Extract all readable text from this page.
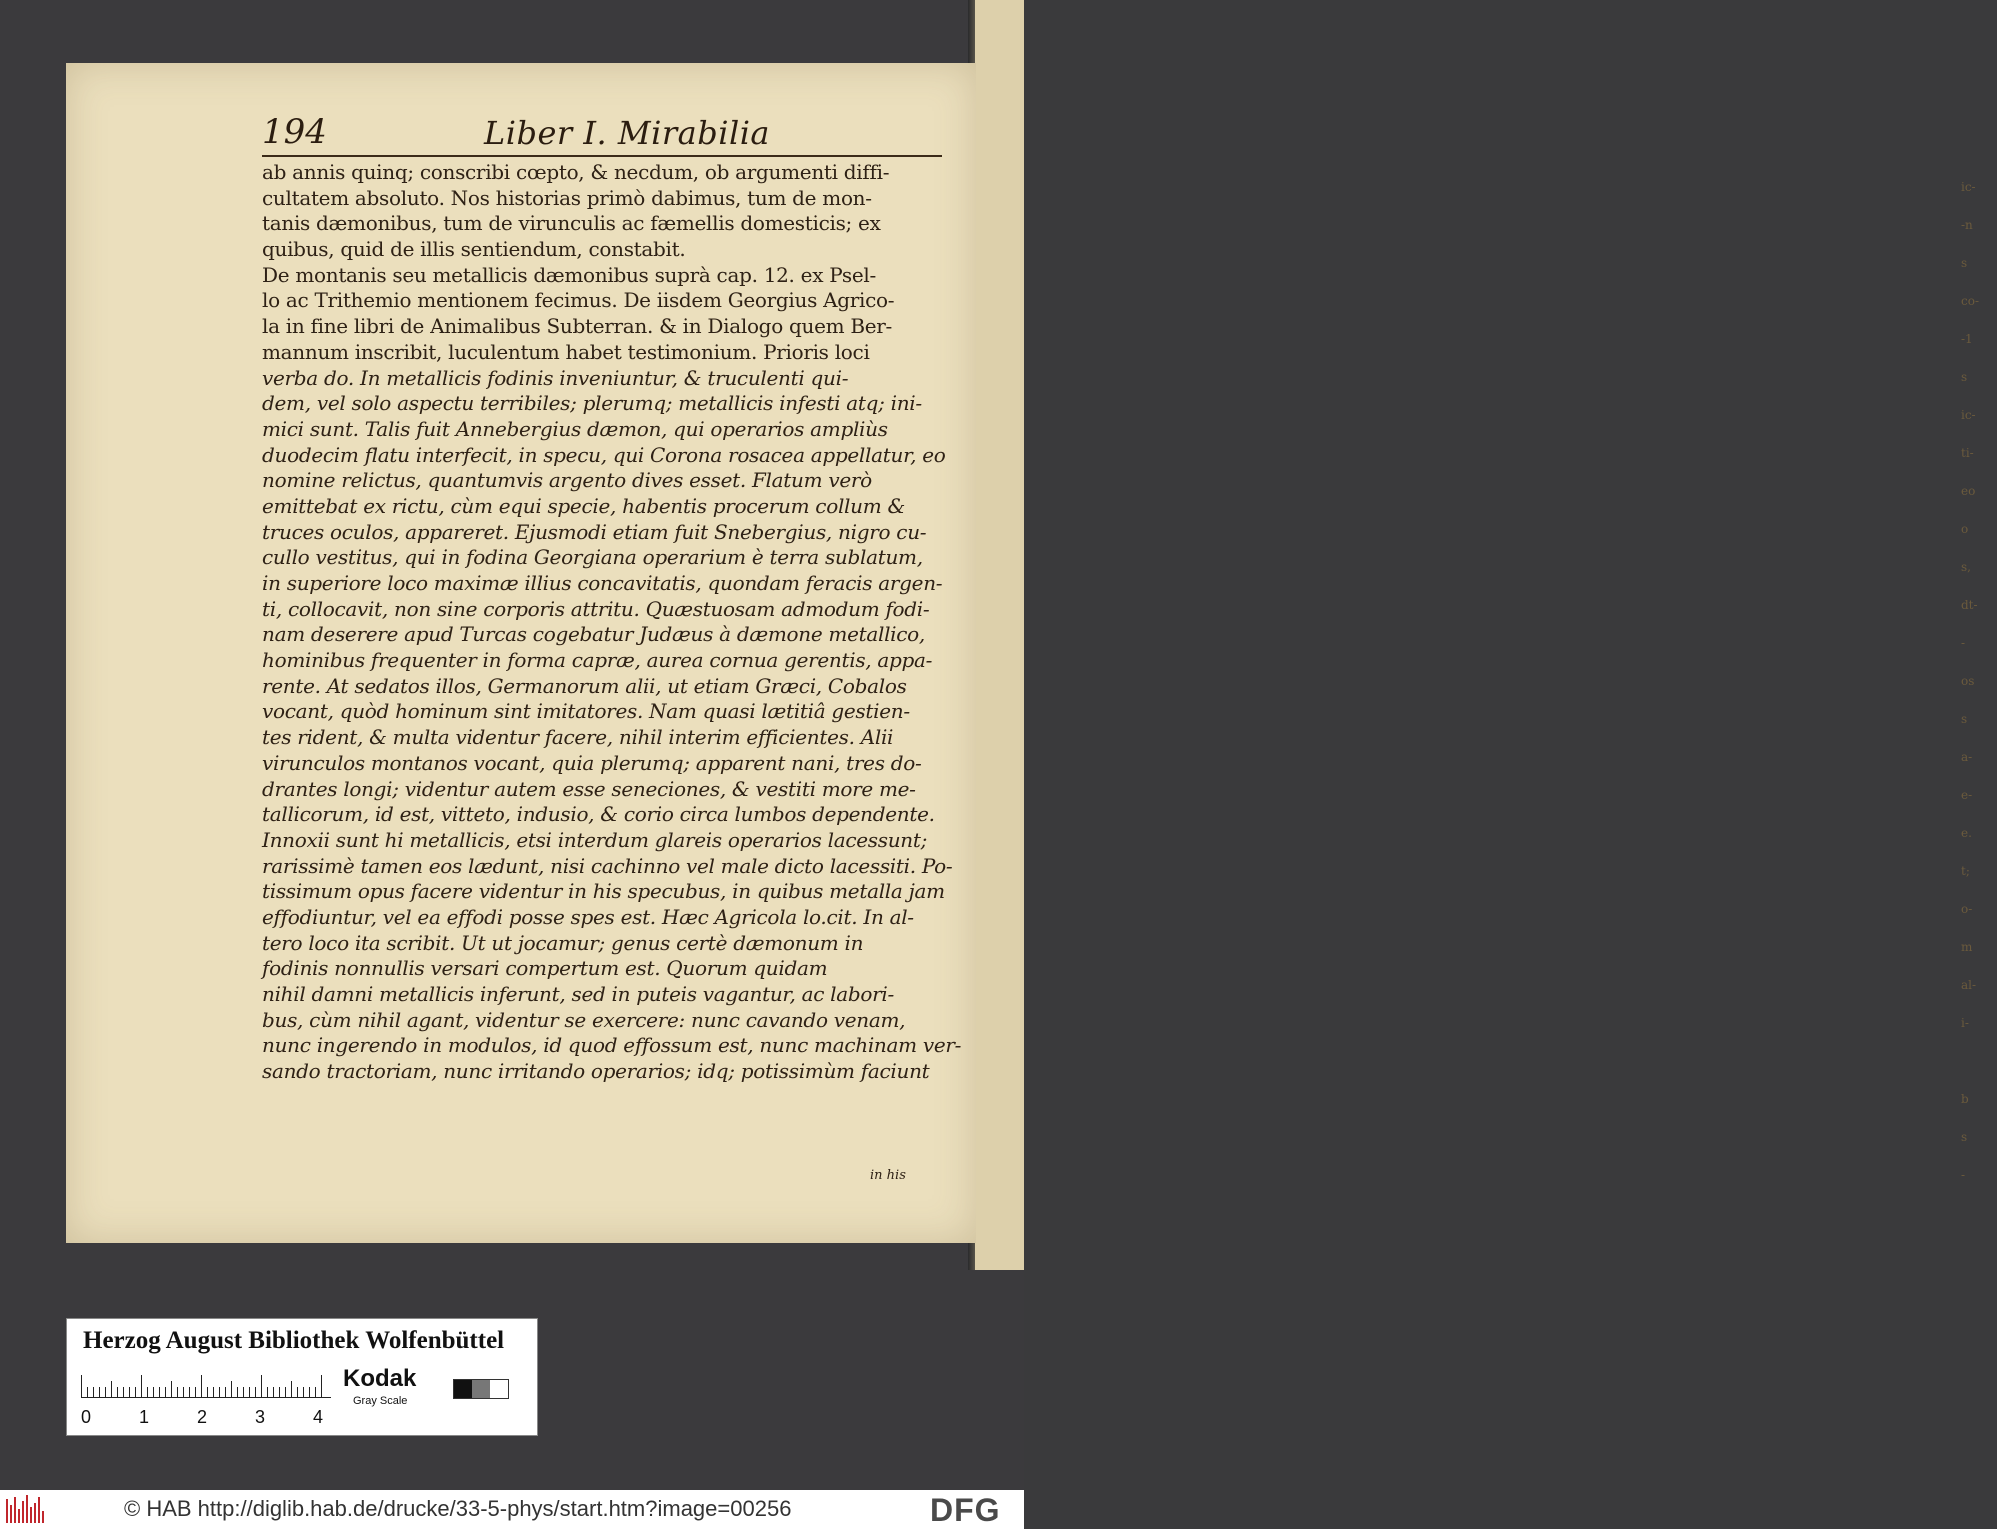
ic-
-n
s
co-
-1
s
ic-
ti-
eo
o
s,
dt-
-
os
s
a-
e-
e.
t;
o-
m
al-
i-
b
s
-
194	Liber I. Mirabilia
ab annis quinq; conscribi cœpto, & necdum, ob argumenti diffi-
cultatem absoluto. Nos historias primò dabimus, tum de mon-
tanis dæmonibus, tum de virunculis ac fæmellis domesticis; ex
quibus, quid de illis sentiendum, constabit.
De montanis seu metallicis dæmonibus suprà cap. 12. ex Psel-
lo ac Trithemio mentionem fecimus. De iisdem Georgius Agrico-
la in fine libri de Animalibus Subterran. & in Dialogo quem Ber-
mannum inscribit, luculentum habet testimonium. Prioris loci
verba do. In metallicis fodinis inveniuntur, & truculenti qui-
dem, vel solo aspectu terribiles; plerumq; metallicis infesti atq; ini-
mici sunt. Talis fuit Annebergius dæmon, qui operarios ampliùs
duodecim flatu interfecit, in specu, qui Corona rosacea appellatur, eo
nomine relictus, quantumvis argento dives esset. Flatum verò
emittebat ex rictu, cùm equi specie, habentis procerum collum &
truces oculos, appareret. Ejusmodi etiam fuit Snebergius, nigro cu-
cullo vestitus, qui in fodina Georgiana operarium è terra sublatum,
in superiore loco maximæ illius concavitatis, quondam feracis argen-
ti, collocavit, non sine corporis attritu. Quæstuosam admodum fodi-
nam deserere apud Turcas cogebatur Judæus à dæmone metallico,
hominibus frequenter in forma capræ, aurea cornua gerentis, appa-
rente. At sedatos illos, Germanorum alii, ut etiam Græci, Cobalos
vocant, quòd hominum sint imitatores. Nam quasi lætitiâ gestien-
tes rident, & multa videntur facere, nihil interim efficientes. Alii
virunculos montanos vocant, quia plerumq; apparent nani, tres do-
drantes longi; videntur autem esse seneciones, & vestiti more me-
tallicorum, id est, vitteto, indusio, & corio circa lumbos dependente.
Innoxii sunt hi metallicis, etsi interdum glareis operarios lacessunt;
rarissimè tamen eos lædunt, nisi cachinno vel male dicto lacessiti. Po-
tissimum opus facere videntur in his specubus, in quibus metalla jam
effodiuntur, vel ea effodi posse spes est. Hæc Agricola lo.cit. In al-
tero loco ita scribit. Ut ut jocamur; genus certè dæmonum in
fodinis nonnullis versari compertum est. Quorum quidam
nihil damni metallicis inferunt, sed in puteis vagantur, ac labori-
bus, cùm nihil agant, videntur se exercere: nunc cavando venam,
nunc ingerendo in modulos, id quod effossum est, nunc machinam ver-
sando tractoriam, nunc irritando operarios; idq; potissimùm faciunt
in his
Herzog August Bibliothek Wolfenbüttel
0	1	2	3	4
Kodak
Gray Scale
© HAB http://diglib.hab.de/drucke/33-5-phys/start.htm?image=00256	DFG
